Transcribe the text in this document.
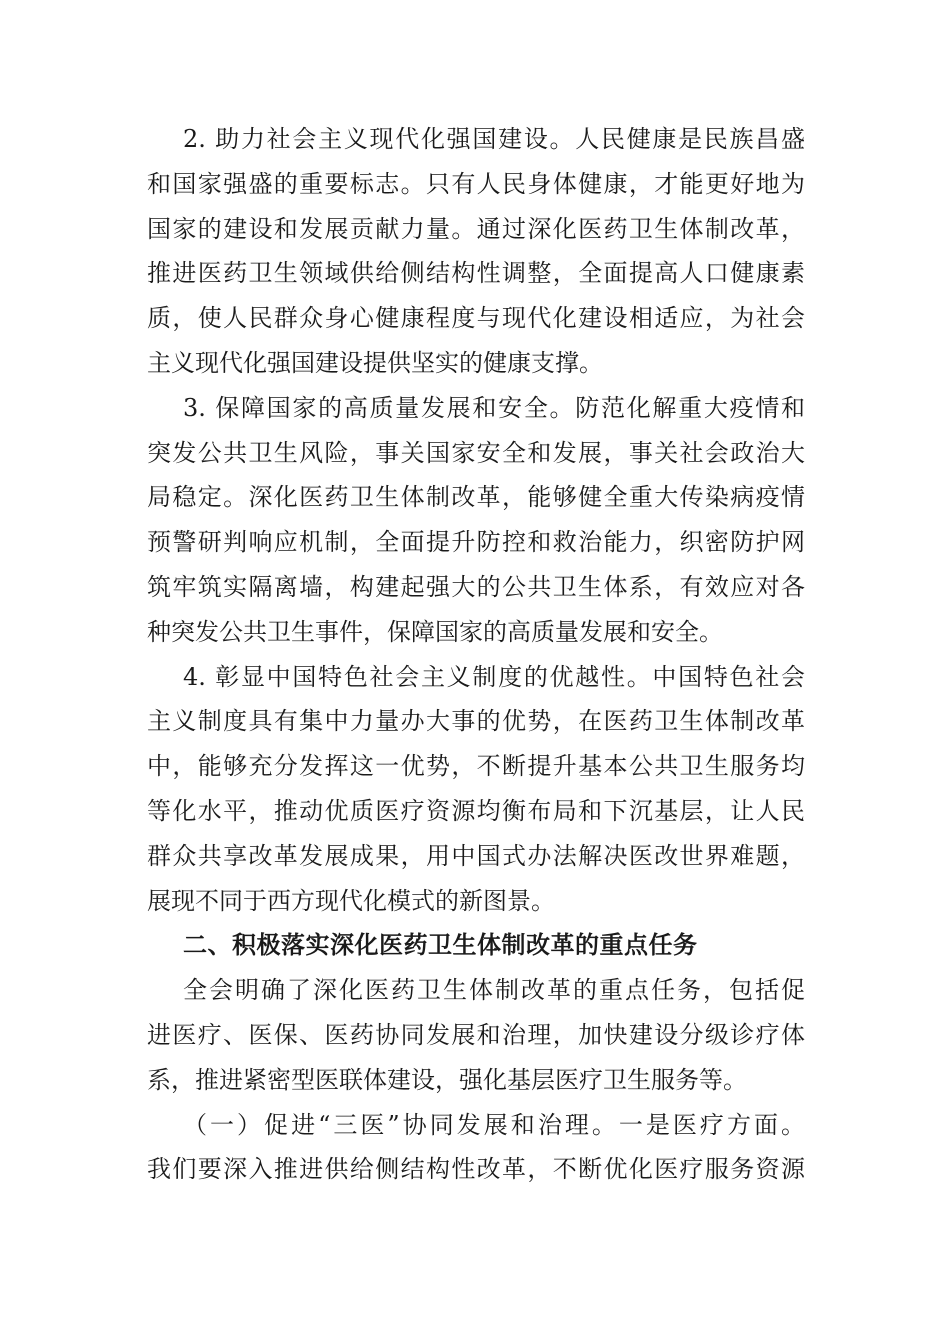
2. 助力社会主义现代化强国建设。人民健康是民族昌盛
和国家强盛的重要标志。只有人民身体健康，才能更好地为
国家的建设和发展贡献力量。通过深化医药卫生体制改革，
推进医药卫生领域供给侧结构性调整，全面提高人口健康素
质，使人民群众身心健康程度与现代化建设相适应，为社会
主义现代化强国建设提供坚实的健康支撑。
3. 保障国家的高质量发展和安全。防范化解重大疫情和
突发公共卫生风险，事关国家安全和发展，事关社会政治大
局稳定。深化医药卫生体制改革，能够健全重大传染病疫情
预警研判响应机制，全面提升防控和救治能力，织密防护网
筑牢筑实隔离墙，构建起强大的公共卫生体系，有效应对各
种突发公共卫生事件，保障国家的高质量发展和安全。
4. 彰显中国特色社会主义制度的优越性。中国特色社会
主义制度具有集中力量办大事的优势，在医药卫生体制改革
中，能够充分发挥这一优势，不断提升基本公共卫生服务均
等化水平，推动优质医疗资源均衡布局和下沉基层，让人民
群众共享改革发展成果，用中国式办法解决医改世界难题，
展现不同于西方现代化模式的新图景。
二、积极落实深化医药卫生体制改革的重点任务
全会明确了深化医药卫生体制改革的重点任务，包括促
进医疗、医保、医药协同发展和治理，加快建设分级诊疗体
系，推进紧密型医联体建设，强化基层医疗卫生服务等。
（一）促进“三医”协同发展和治理。一是医疗方面。
我们要深入推进供给侧结构性改革，不断优化医疗服务资源
